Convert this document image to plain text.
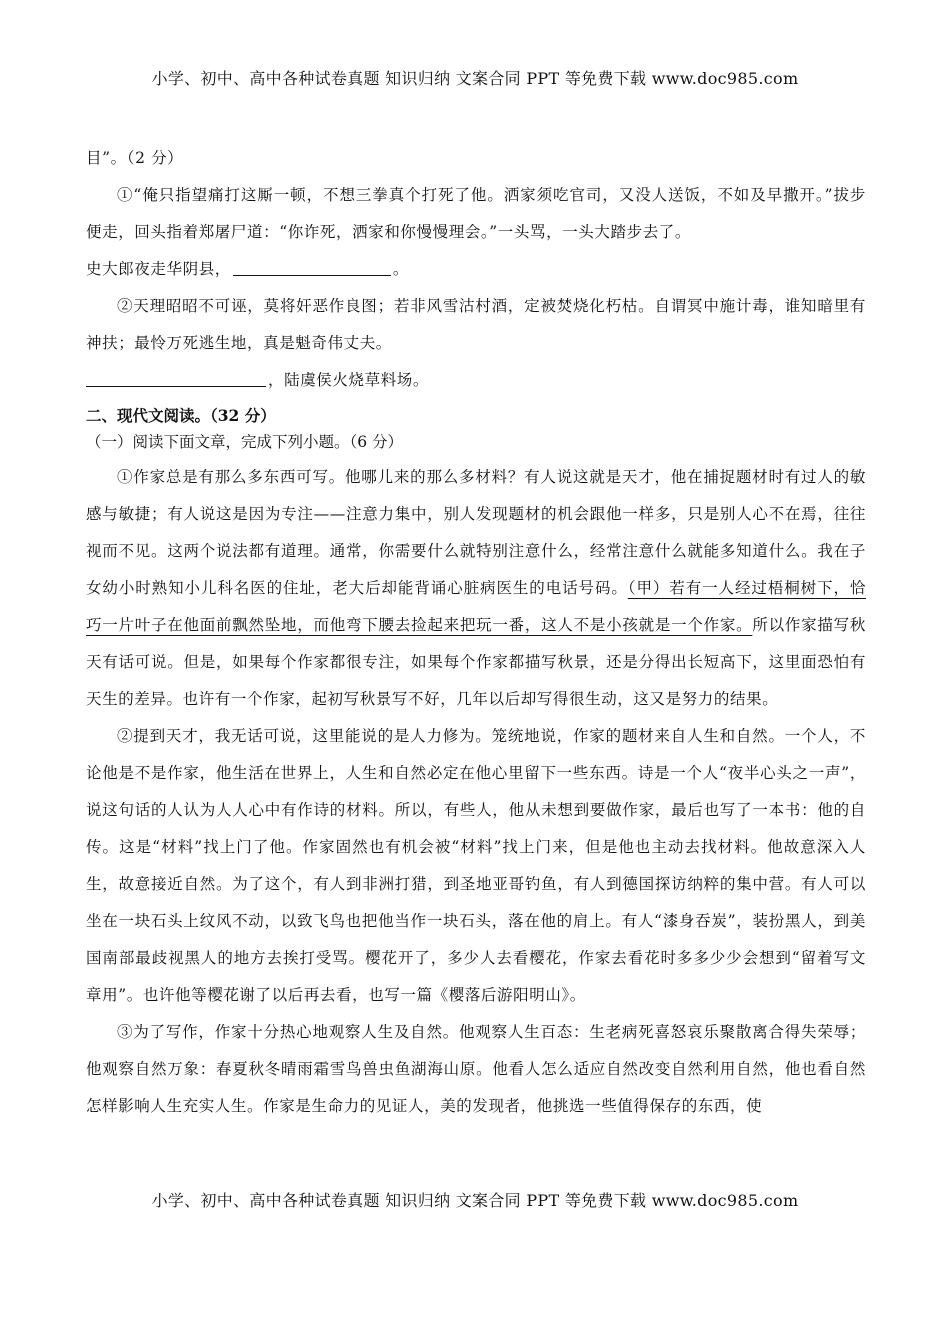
小学、初中、高中各种试卷真题 知识归纳 文案合同 PPT 等免费下载 www.doc985.com

目”。（2 分）

①“俺只指望痛打这厮一顿，不想三拳真个打死了他。洒家须吃官司，又没人送饭，不如及早撒开。”拔步便走，回头指着郑屠尸道：“你诈死，洒家和你慢慢理会。”一头骂，一头大踏步去了。

史大郎夜走华阴县，	。

②天理昭昭不可诬，莫将奸恶作良图；若非风雪沽村酒，定被焚烧化朽枯。自谓冥中施计毒，谁知暗里有神扶；最怜万死逃生地，真是魁奇伟丈夫。

，陆虞侯火烧草料场。

二、现代文阅读。（32 分）
（一）阅读下面文章，完成下列小题。（6 分）

①作家总是有那么多东西可写。他哪儿来的那么多材料？有人说这就是天才，他在捕捉题材时有过人的敏感与敏捷；有人说这是因为专注——注意力集中，别人发现题材的机会跟他一样多，只是别人心不在焉，往往视而不见。这两个说法都有道理。通常，你需要什么就特别注意什么，经常注意什么就能多知道什么。我在子女幼小时熟知小儿科名医的住址，老大后却能背诵心脏病医生的电话号码。（甲）若有一人经过梧桐树下，恰巧一片叶子在他面前飘然坠地，而他弯下腰去捡起来把玩一番，这人不是小孩就是一个作家。所以作家描写秋天有话可说。但是，如果每个作家都很专注，如果每个作家都描写秋景，还是分得出长短高下，这里面恐怕有天生的差异。也许有一个作家，起初写秋景写不好，几年以后却写得很生动，这又是努力的结果。

②提到天才，我无话可说，这里能说的是人力修为。笼统地说，作家的题材来自人生和自然。一个人，不论他是不是作家，他生活在世界上，人生和自然必定在他心里留下一些东西。诗是一个人“夜半心头之一声”，说这句话的人认为人人心中有作诗的材料。所以，有些人，他从未想到要做作家，最后也写了一本书：他的自传。这是“材料”找上门了他。作家固然也有机会被“材料”找上门来，但是他也主动去找材料。他故意深入人生，故意接近自然。为了这个，有人到非洲打猎，到圣地亚哥钓鱼，有人到德国探访纳粹的集中营。有人可以坐在一块石头上纹风不动，以致飞鸟也把他当作一块石头，落在他的肩上。有人“漆身吞炭”，装扮黑人，到美国南部最歧视黑人的地方去挨打受骂。樱花开了，多少人去看樱花，作家去看花时多多少少会想到“留着写文章用”。也许他等樱花谢了以后再去看，也写一篇《樱落后游阳明山》。

③为了写作，作家十分热心地观察人生及自然。他观察人生百态：生老病死喜怒哀乐聚散离合得失荣辱；他观察自然万象：春夏秋冬晴雨霜雪鸟兽虫鱼湖海山原。他看人怎么适应自然改变自然利用自然，他也看自然怎样影响人生充实人生。作家是生命力的见证人，美的发现者，他挑选一些值得保存的东西，使

小学、初中、高中各种试卷真题 知识归纳 文案合同 PPT 等免费下载 www.doc985.com
